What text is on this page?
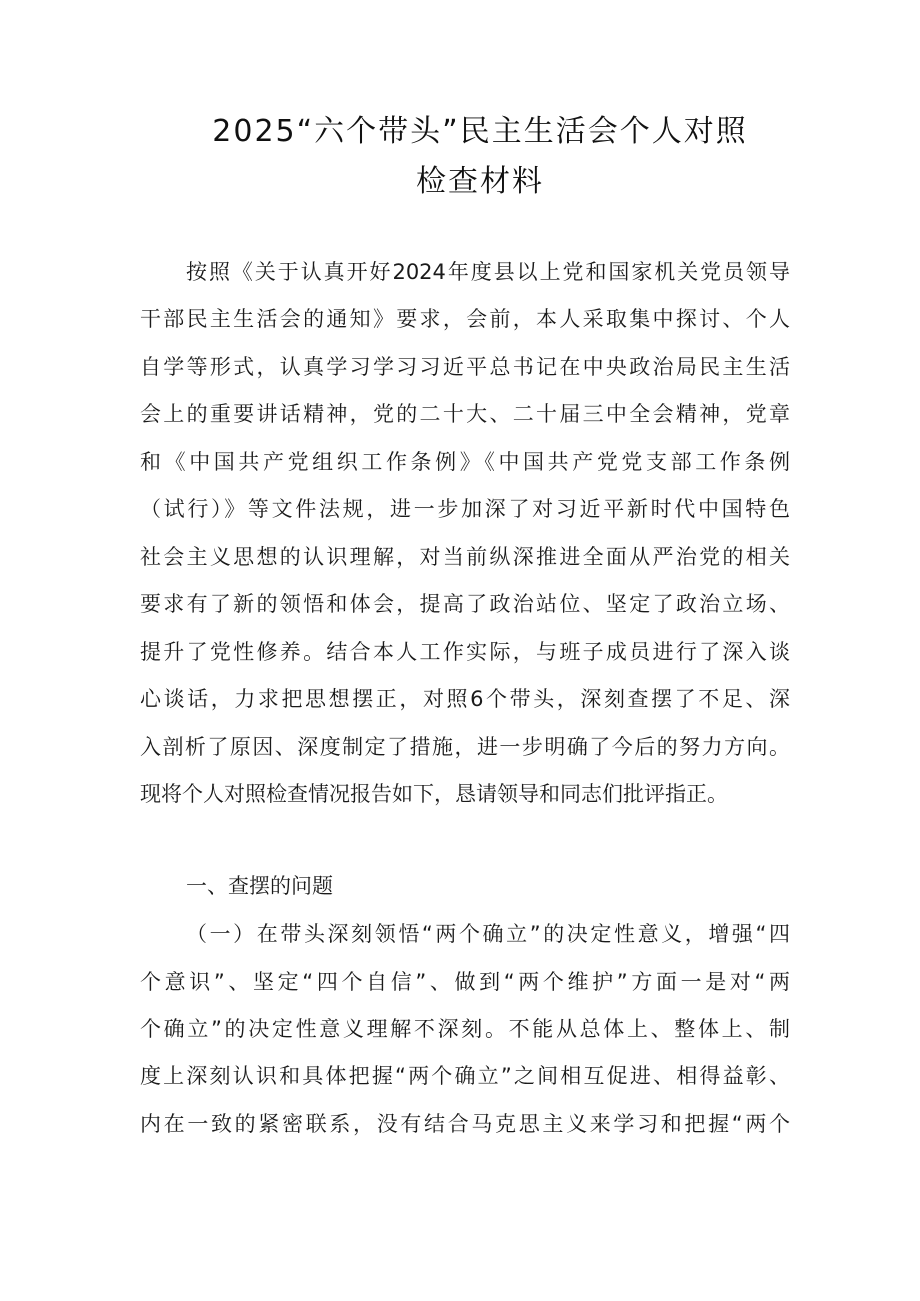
2025“六个带头”民主生活会个人对照
检查材料
按照《关于认真开好2024年度县以上党和国家机关党员领导
干部民主生活会的通知》要求，会前，本人采取集中探讨、个人
自学等形式，认真学习学习习近平总书记在中央政治局民主生活
会上的重要讲话精神，党的二十大、二十届三中全会精神，党章
和《中国共产党组织工作条例》《中国共产党党支部工作条例
（试行）》等文件法规，进一步加深了对习近平新时代中国特色
社会主义思想的认识理解，对当前纵深推进全面从严治党的相关
要求有了新的领悟和体会，提高了政治站位、坚定了政治立场、
提升了党性修养。结合本人工作实际，与班子成员进行了深入谈
心谈话，力求把思想摆正，对照6个带头，深刻查摆了不足、深
入剖析了原因、深度制定了措施，进一步明确了今后的努力方向。
现将个人对照检查情况报告如下，恳请领导和同志们批评指正。
一、查摆的问题
（一）在带头深刻领悟“两个确立”的决定性意义，增强“四
个意识”、坚定“四个自信”、做到“两个维护”方面一是对“两
个确立”的决定性意义理解不深刻。不能从总体上、整体上、制
度上深刻认识和具体把握“两个确立”之间相互促进、相得益彰、
内在一致的紧密联系，没有结合马克思主义来学习和把握“两个
